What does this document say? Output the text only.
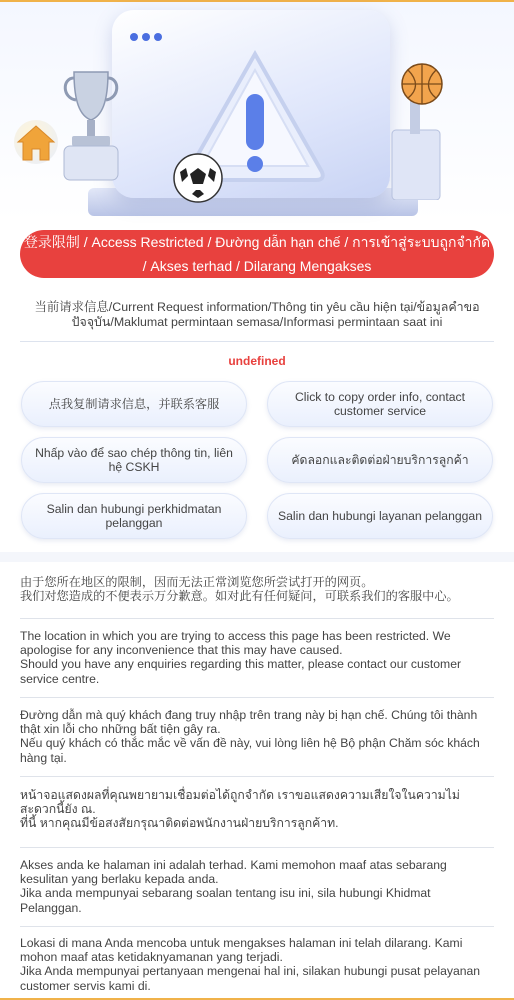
登录限制 / Access Restricted / Đường dẫn hạn chế / การเข้าสู่ระบบถูกจำกัด / Akses terhad / Dilarang Mengakses
当前请求信息/Current Request information/Thông tin yêu cầu hiện tại/ข้อมูลคำขอปัจจุบัน/Maklumat permintaan semasa/Informasi permintaan saat ini
undefined
点我复制请求信息，并联系客服	Click to copy order info, contact customer service
Nhấp vào để sao chép thông tin, liên hệ CSKH	คัดลอกและติดต่อฝ่ายบริการลูกค้า
Salin dan hubungi perkhidmatan pelanggan	Salin dan hubungi layanan pelanggan

由于您所在地区的限制，因而无法正常浏览您所尝试打开的网页。

我们对您造成的不便表示万分歉意。如对此有任何疑问，可联系我们的客服中心。

The location in which you are trying to access this page has been restricted. We apologise for any inconvenience that this may have caused.

Should you have any enquiries regarding this matter, please contact our customer service centre.

Đường dẫn mà quý khách đang truy nhập trên trang này bị hạn chế. Chúng tôi thành thật xin lỗi cho những bất tiện gây ra.

Nếu quý khách có thắc mắc về vấn đề này, vui lòng liên hệ Bộ phận Chăm sóc khách hàng tại.

หน้าจอแสดงผลที่คุณพยายามเชื่อมต่อได้ถูกจำกัด เราขอแสดงความเสียใจในความไม่สะดวกนี้ยัง ณ.

ที่นี้ หากคุณมีข้อสงสัยกรุณาติดต่อพนักงานฝ่ายบริการลูกค้าท.

Akses anda ke halaman ini adalah terhad. Kami memohon maaf atas sebarang kesulitan yang berlaku kepada anda.

Jika anda mempunyai sebarang soalan tentang isu ini, sila hubungi Khidmat Pelanggan.

Lokasi di mana Anda mencoba untuk mengakses halaman ini telah dilarang. Kami mohon maaf atas ketidaknyamanan yang terjadi.

Jika Anda mempunyai pertanyaan mengenai hal ini, silakan hubungi pusat pelayanan customer servis kami di.
